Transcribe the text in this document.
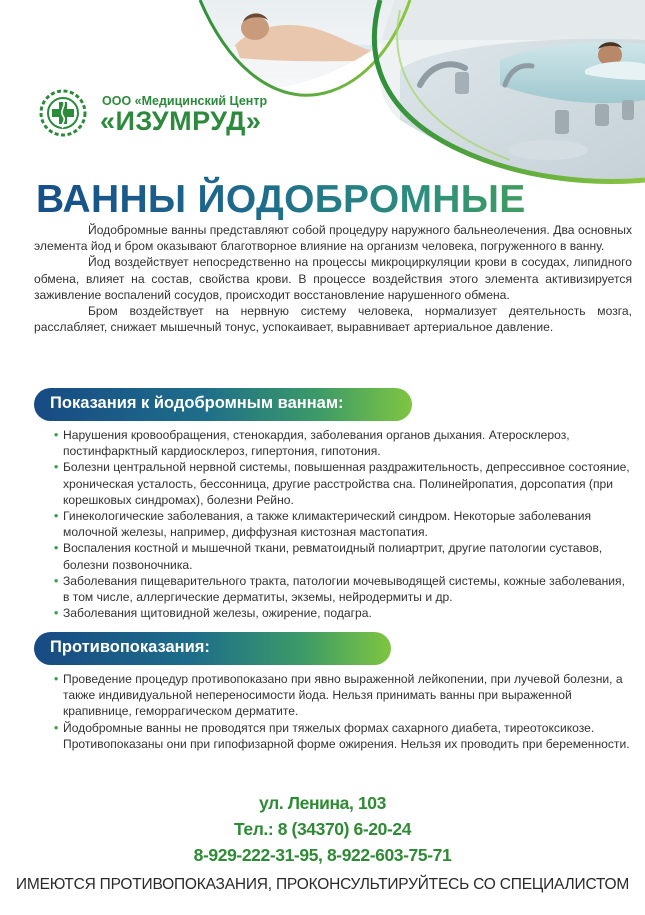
ООО «Медицинский Центр
«ИЗУМРУД»
ВАННЫ ЙОДОБРОМНЫЕ

Йодобромные ванны представляют собой процедуру наружного бальнеолечения. Два основных элемента йод и бром оказывают благотворное влияние на организм человека, погруженного в ванну.

Йод воздействует непосредственно на процессы микроциркуляции крови в сосудах, липидного обмена, влияет на состав, свойства крови. В процессе воздействия этого элемента активизируется заживление воспалений сосудов, происходит восстановление нарушенного обмена.

Бром воздействует на нервную систему человека, нормализует деятельность мозга, расслабляет, снижает мышечный тонус, успокаивает, выравнивает артериальное давление.

Показания к йодобромным ваннам:
• Нарушения кровообращения, стенокардия, заболевания органов дыхания. Атеросклероз, постинфарктный кардиосклероз, гипертония, гипотония.
• Болезни центральной нервной системы, повышенная раздражительность, депрессивное состояние, хроническая усталость, бессонница, другие расстройства сна. Полинейропатия, дорсопатия (при корешковых синдромах), болезни Рейно.
• Гинекологические заболевания, а также климактерический синдром. Некоторые заболевания молочной железы, например, диффузная кистозная мастопатия.
• Воспаления костной и мышечной ткани, ревматоидный полиартрит, другие патологии суставов, болезни позвоночника.
• Заболевания пищеварительного тракта, патологии мочевыводящей системы, кожные заболевания, в том числе, аллергические дерматиты, экземы, нейродермиты и др.
• Заболевания щитовидной железы, ожирение, подагра.
Противопоказания:
• Проведение процедур противопоказано при явно выраженной лейкопении, при лучевой болезни, а также индивидуальной непереносимости йода. Нельзя принимать ванны при выраженной крапивнице, геморрагическом дерматите.
• Йодобромные ванны не проводятся при тяжелых формах сахарного диабета, тиреотоксикозе. Противопоказаны они при гипофизарной форме ожирения. Нельзя их проводить при беременности.
ул. Ленина, 103
Тел.: 8 (34370) 6-20-24
8-929-222-31-95, 8-922-603-75-71
ИМЕЮТСЯ ПРОТИВОПОКАЗАНИЯ, ПРОКОНСУЛЬТИРУЙТЕСЬ СО СПЕЦИАЛИСТОМ
